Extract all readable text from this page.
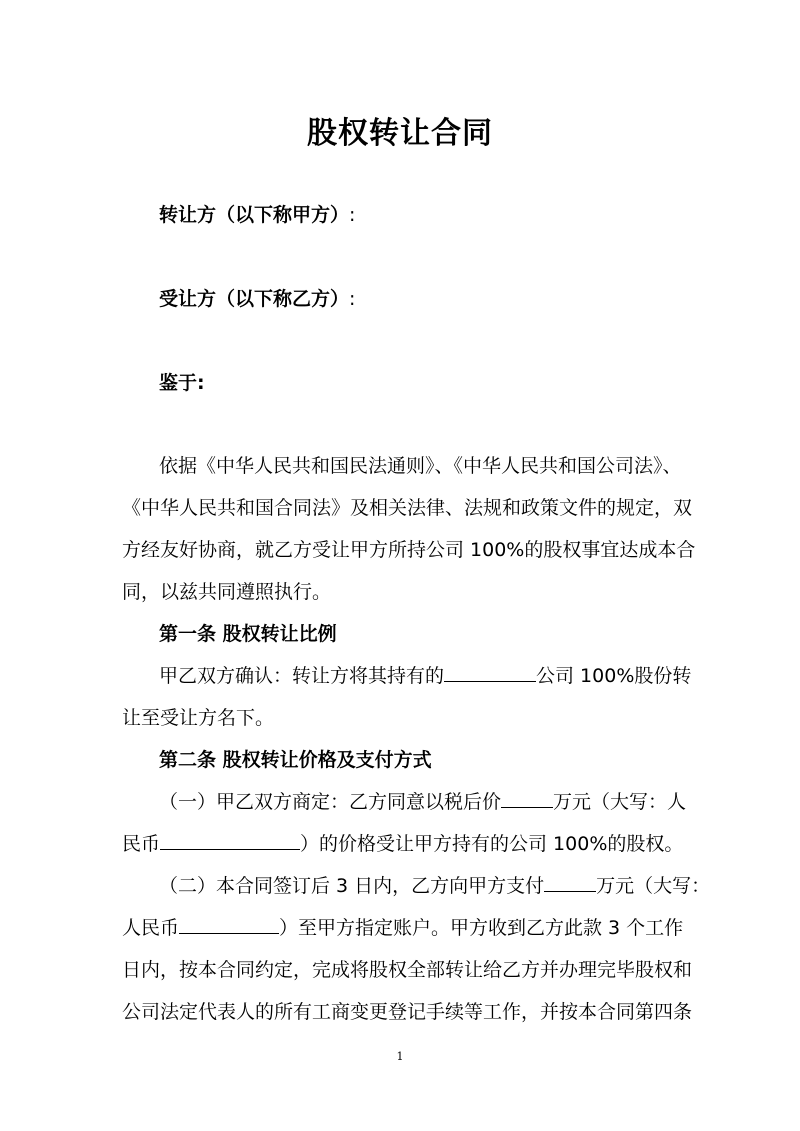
股权转让合同
转让方（以下称甲方）:
受让方（以下称乙方）:
鉴于:
依据《中华人民共和国民法通则》、《中华人民共和国公司法》、
《中华人民共和国合同法》及相关法律、法规和政策文件的规定，双
方经友好协商，就乙方受让甲方所持公司 100%的股权事宜达成本合
同，以兹共同遵照执行。
第一条 股权转让比例
甲乙双方确认：转让方将其持有的	公司 100%股份转
让至受让方名下。
第二条 股权转让价格及支付方式
（一）甲乙双方商定：乙方同意以税后价	万元（大写：人
民币	）的价格受让甲方持有的公司 100%的股权。
（二）本合同签订后 3 日内，乙方向甲方支付	万元（大写：
人民币	）至甲方指定账户。甲方收到乙方此款 3 个工作
日内，按本合同约定，完成将股权全部转让给乙方并办理完毕股权和
公司法定代表人的所有工商变更登记手续等工作，并按本合同第四条
1
